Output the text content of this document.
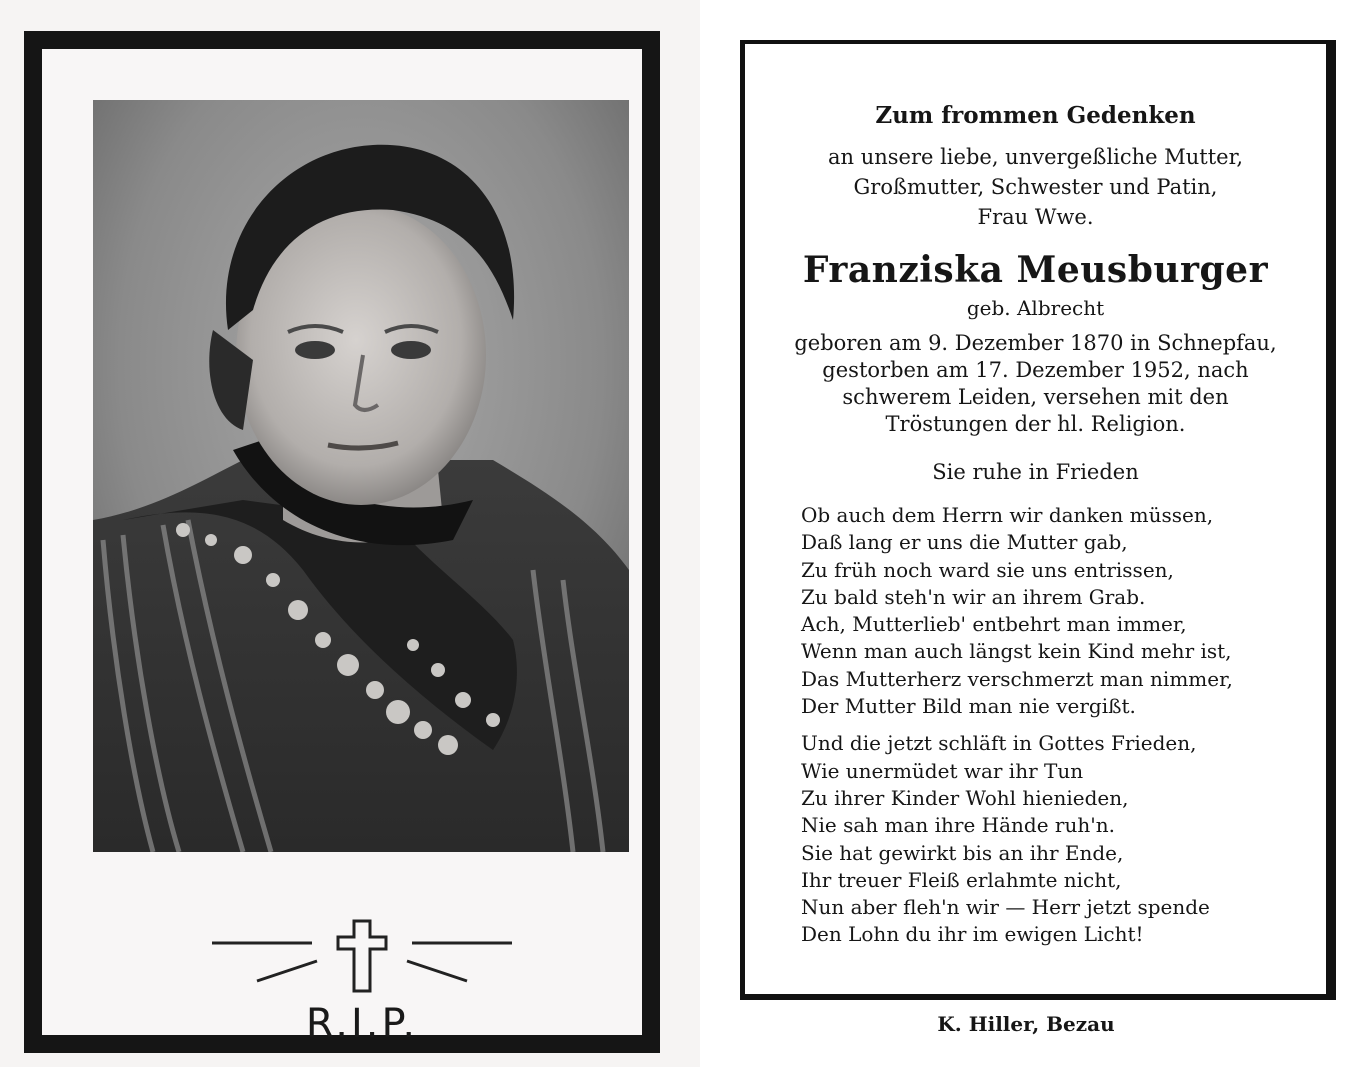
R.I.P.

Zum frommen Gedenken

an unsere liebe, unvergeßliche Mutter,
Großmutter, Schwester und Patin,
Frau Wwe.

Franziska Meusburger

geb. Albrecht

geboren am 9. Dezember 1870 in Schnepfau,
gestorben am 17. Dezember 1952, nach
schwerem Leiden, versehen mit den
Tröstungen der hl. Religion.

Sie ruhe in Frieden

Ob auch dem Herrn wir danken müssen,
Daß lang er uns die Mutter gab,
Zu früh noch ward sie uns entrissen,
Zu bald steh'n wir an ihrem Grab.
Ach, Mutterlieb' entbehrt man immer,
Wenn man auch längst kein Kind mehr ist,
Das Mutterherz verschmerzt man nimmer,
Der Mutter Bild man nie vergißt.

Und die jetzt schläft in Gottes Frieden,
Wie unermüdet war ihr Tun
Zu ihrer Kinder Wohl hienieden,
Nie sah man ihre Hände ruh'n.
Sie hat gewirkt bis an ihr Ende,
Ihr treuer Fleiß erlahmte nicht,
Nun aber fleh'n wir — Herr jetzt spende
Den Lohn du ihr im ewigen Licht!

K. Hiller, Bezau
